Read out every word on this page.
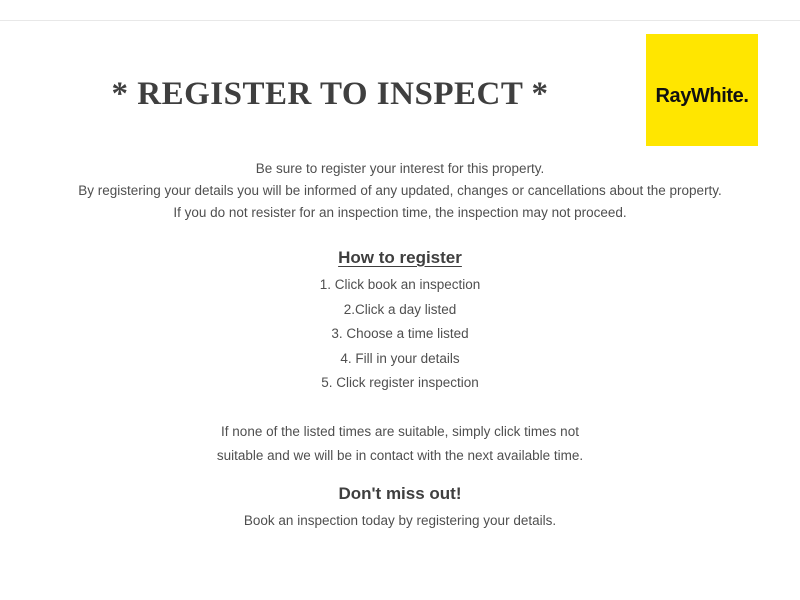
RayWhite.
* REGISTER TO INSPECT *
Be sure to register your interest for this property.
By registering your details you will be informed of any updated, changes or cancellations about the property.
If you do not resister for an inspection time, the inspection may not proceed.
How to register
1. Click book an inspection
2.Click a day listed
3. Choose a time listed
4. Fill in your details
5. Click register inspection
If none of the listed times are suitable, simply click times not
suitable and we will be in contact with the next available time.
Don't miss out!
Book an inspection today by registering your details.
